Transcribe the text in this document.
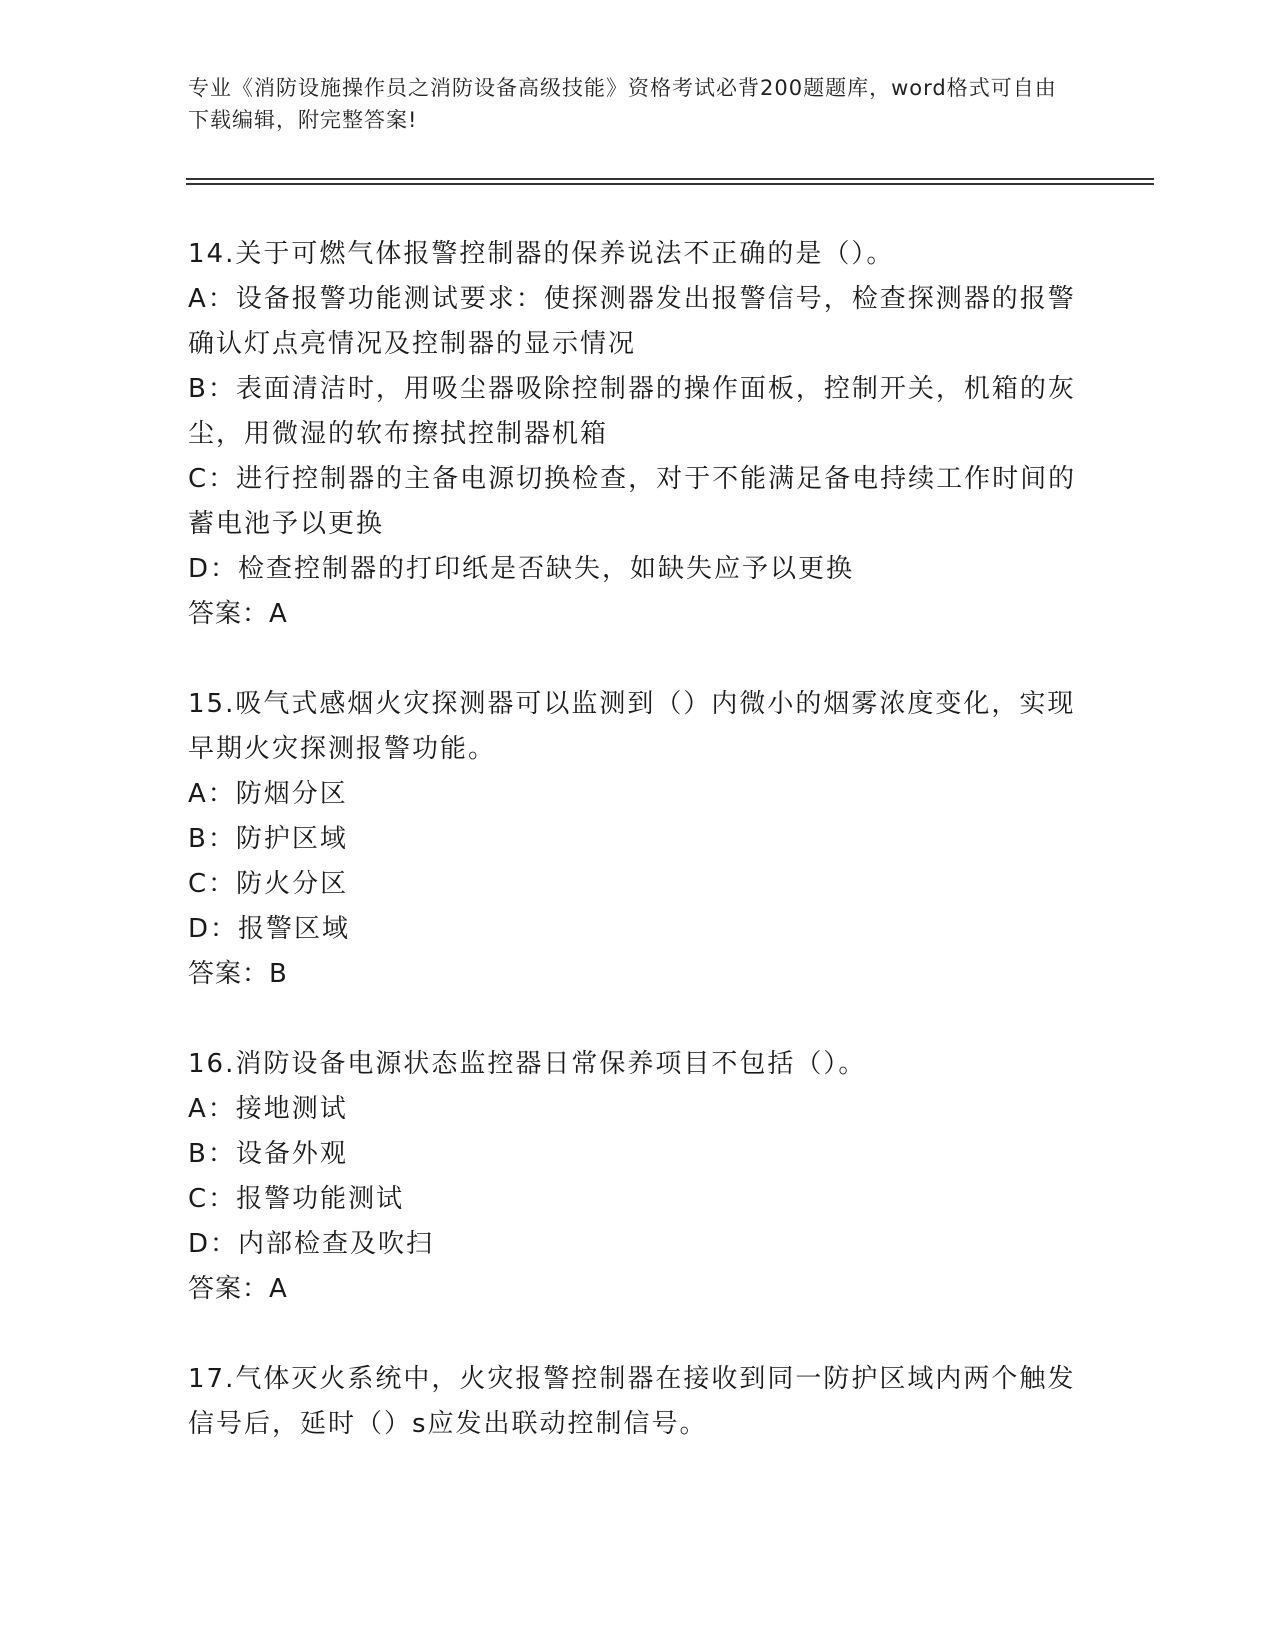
专业《消防设施操作员之消防设备高级技能》资格考试必背200题题库，word格式可自由下载编辑，附完整答案!

14.关于可燃气体报警控制器的保养说法不正确的是（）。

A：设备报警功能测试要求：使探测器发出报警信号，检查探测器的报警确认灯点亮情况及控制器的显示情况

B：表面清洁时，用吸尘器吸除控制器的操作面板，控制开关，机箱的灰尘，用微湿的软布擦拭控制器机箱

C：进行控制器的主备电源切换检查，对于不能满足备电持续工作时间的蓄电池予以更换

D：检查控制器的打印纸是否缺失，如缺失应予以更换

答案：A

15.吸气式感烟火灾探测器可以监测到（）内微小的烟雾浓度变化，实现早期火灾探测报警功能。

A：防烟分区

B：防护区域

C：防火分区

D：报警区域

答案：B

16.消防设备电源状态监控器日常保养项目不包括（）。

A：接地测试

B：设备外观

C：报警功能测试

D：内部检查及吹扫

答案：A

17.气体灭火系统中，火灾报警控制器在接收到同一防护区域内两个触发信号后，延时（）s应发出联动控制信号。
